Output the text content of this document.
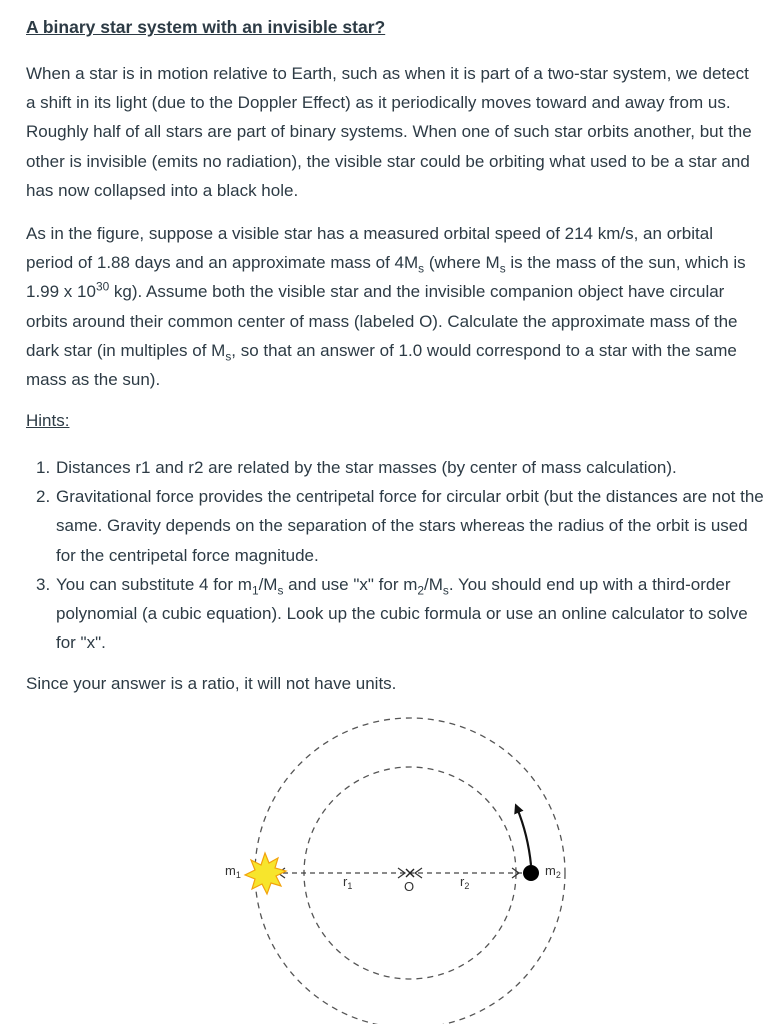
A binary star system with an invisible star?
When a star is in motion relative to Earth, such as when it is part of a two-star system, we detect a shift in its light (due to the Doppler Effect) as it periodically moves toward and away from us. Roughly half of all stars are part of binary systems. When one of such star orbits another, but the other is invisible (emits no radiation), the visible star could be orbiting what used to be a star and has now collapsed into a black hole.
As in the figure, suppose a visible star has a measured orbital speed of 214 km/s, an orbital period of 1.88 days and an approximate mass of $4M_s$ (where $M_s$ is the mass of the sun, which is 1.99 x $10^{30}$ kg). Assume both the visible star and the invisible companion object have circular orbits around their common center of mass (labeled O). Calculate the approximate mass of the dark star (in multiples of $M_s$, so that an answer of 1.0 would correspond to a star with the same mass as the sun).
Hints:
1. Distances r1 and r2 are related by the star masses (by center of mass calculation).
2. Gravitational force provides the centripetal force for circular orbit (but the distances are not the same. Gravity depends on the separation of the stars whereas the radius of the orbit is used for the centripetal force magnitude.
3. You can substitute 4 for $m_1/M_s$ and use "x" for $m_2/M_s$. You should end up with a third-order polynomial (a cubic equation). Look up the cubic formula or use an online calculator to solve for "x".
Since your answer is a ratio, it will not have units.
$m_1$	$m_2$
$r_1$	$r_2$
O
